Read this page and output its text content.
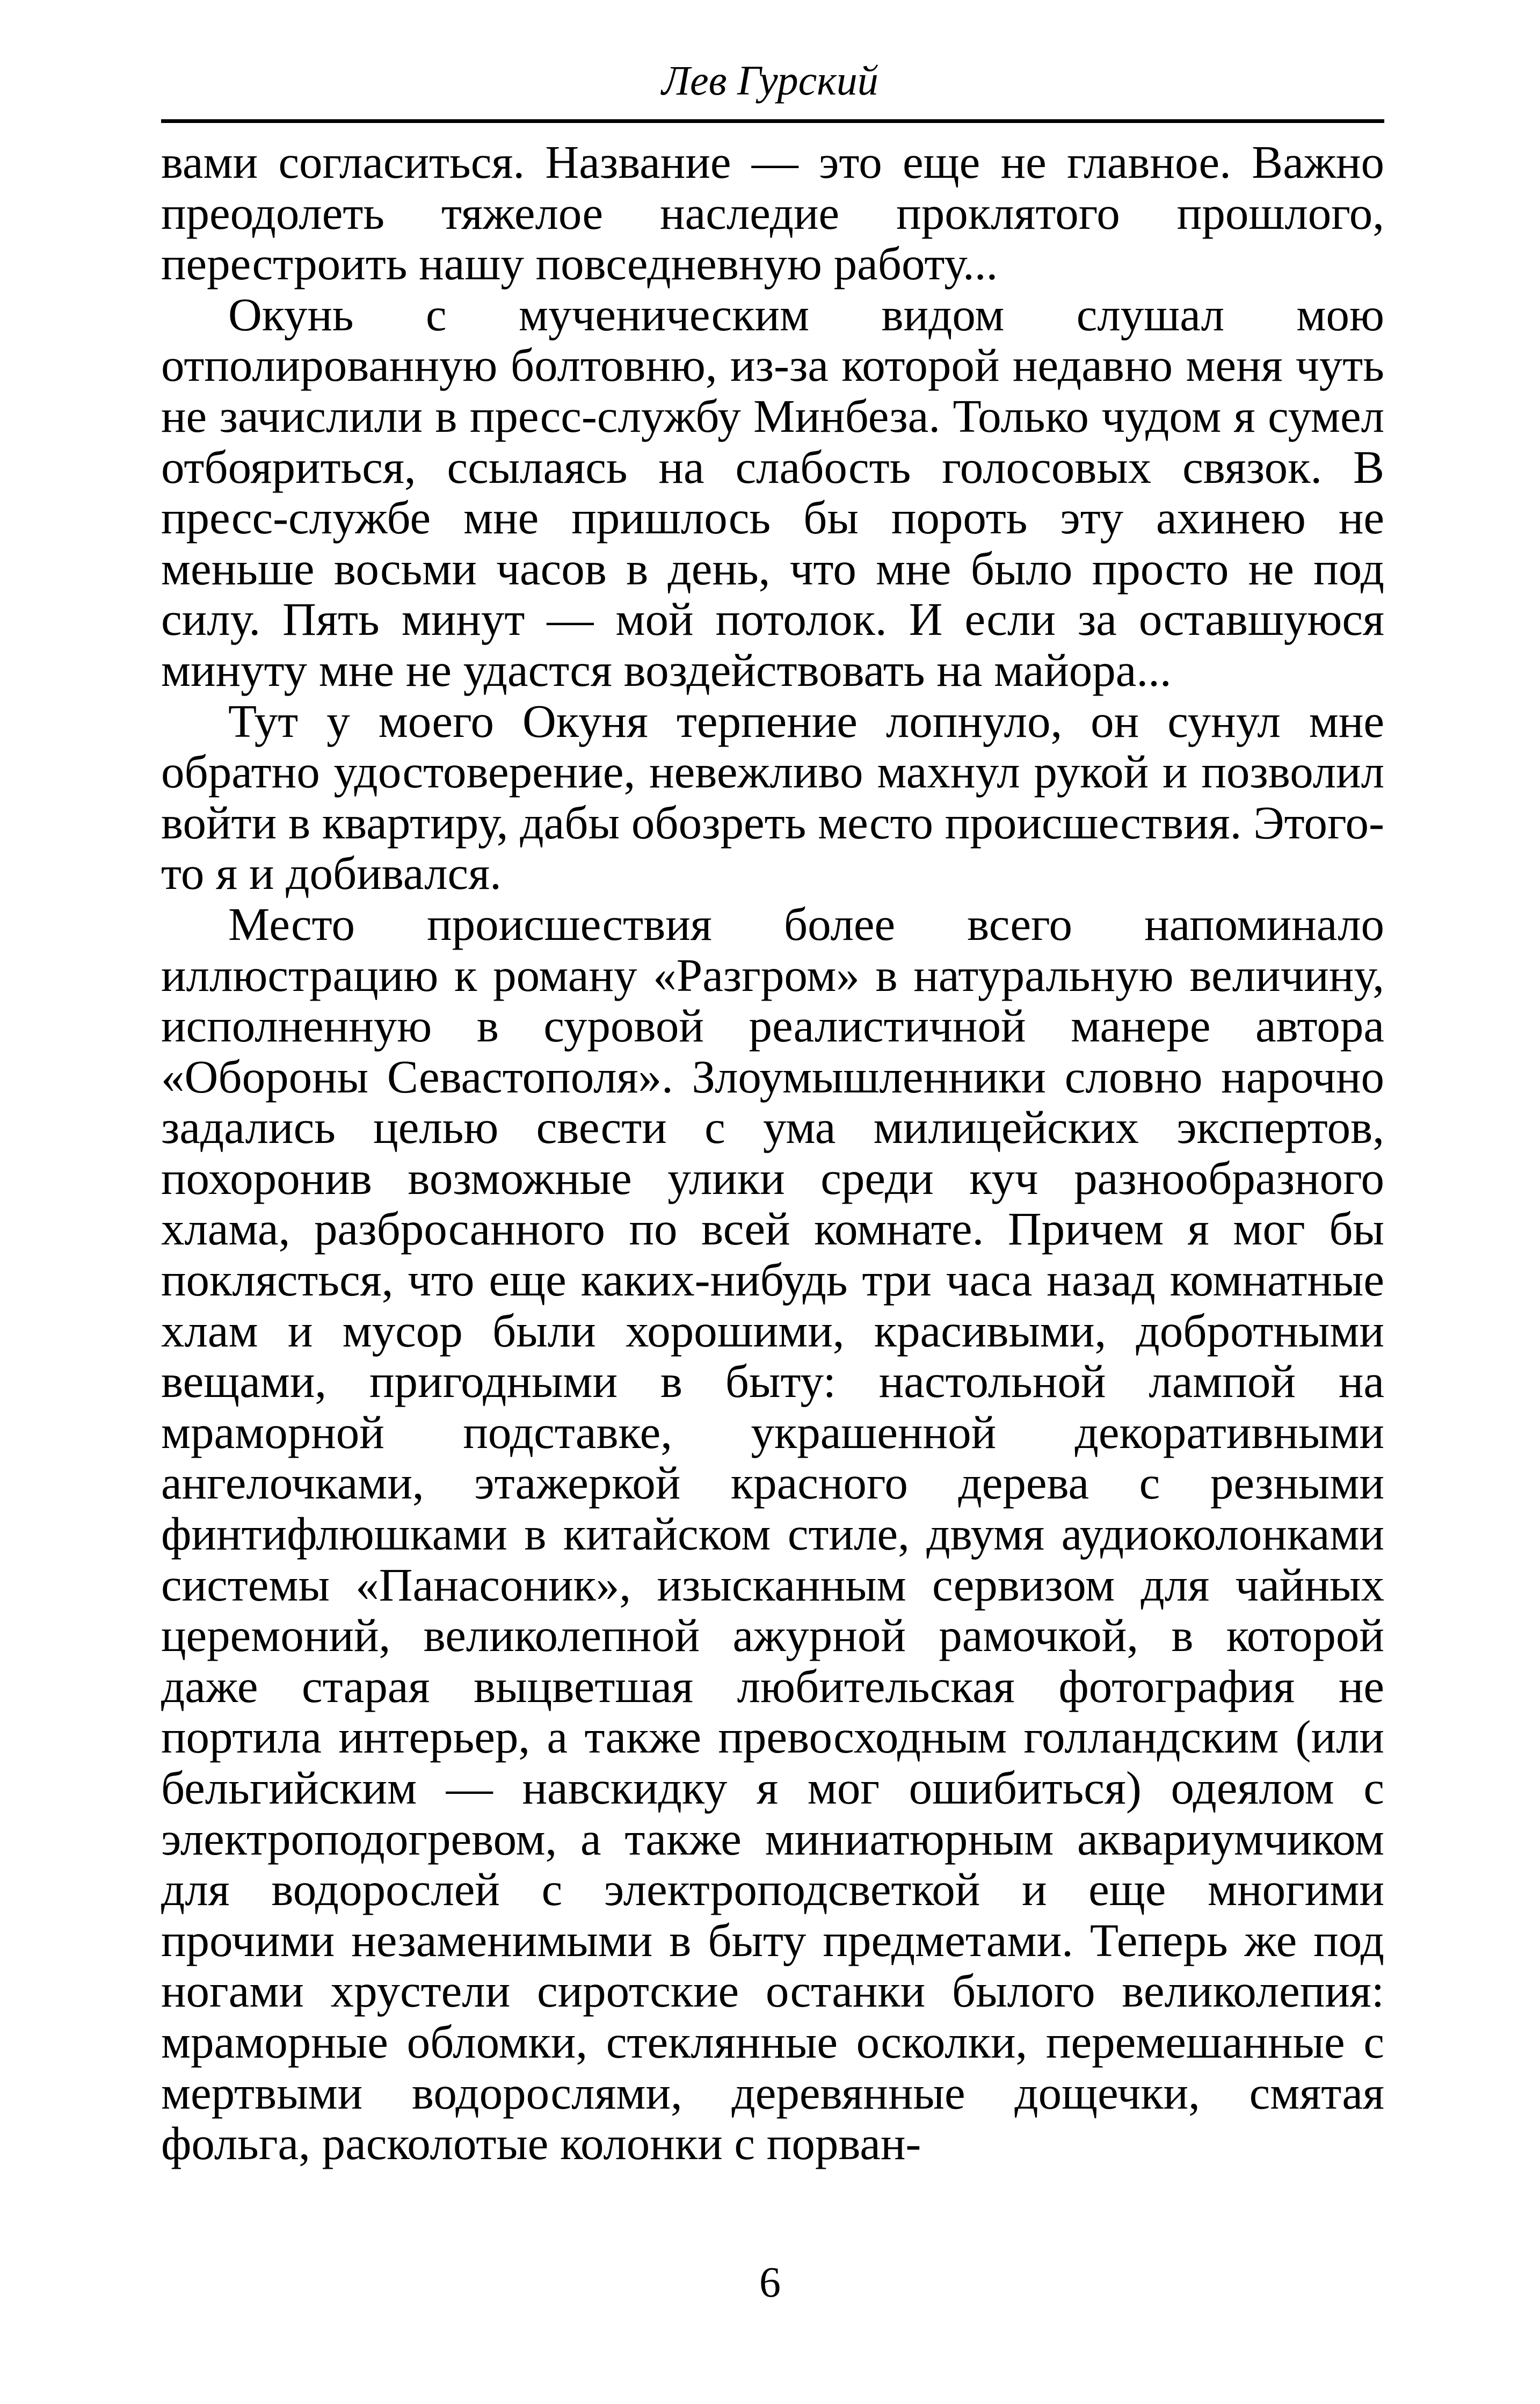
Лев Гурский

вами согласиться. Название — это еще не главное. Важно преодолеть тяжелое наследие проклятого прошлого, перестроить нашу повседневную работу...

Окунь с мученическим видом слушал мою отполированную болтовню, из-за которой недавно меня чуть не зачислили в пресс-службу Минбеза. Только чудом я сумел отбояриться, ссылаясь на слабость голосовых связок. В пресс-службе мне пришлось бы пороть эту ахинею не меньше восьми часов в день, что мне было просто не под силу. Пять минут — мой потолок. И если за оставшуюся минуту мне не удастся воздействовать на майора...

Тут у моего Окуня терпение лопнуло, он сунул мне обратно удостоверение, невежливо махнул рукой и позволил войти в квартиру, дабы обозреть место происшествия. Этого-то я и добивался.

Место происшествия более всего напоминало иллюстрацию к роману «Разгром» в натуральную величину, исполненную в суровой реалистичной манере автора «Обороны Севастополя». Злоумышленники словно нарочно задались целью свести с ума милицейских экспертов, похоронив возможные улики среди куч разнообразного хлама, разбросанного по всей комнате. Причем я мог бы поклясться, что еще каких-нибудь три часа назад комнатные хлам и мусор были хорошими, красивыми, добротными вещами, пригодными в быту: настольной лампой на мраморной подставке, украшенной декоративными ангелочками, этажеркой красного дерева с резными финтифлюшками в китайском стиле, двумя аудиоколонками системы «Панасоник», изысканным сервизом для чайных церемоний, великолепной ажурной рамочкой, в которой даже старая выцветшая любительская фотография не портила интерьер, а также превосходным голландским (или бельгийским — навскидку я мог ошибиться) одеялом с электроподогревом, а также миниатюрным аквариумчиком для водорослей с электроподсветкой и еще многими прочими незаменимыми в быту предметами. Теперь же под ногами хрустели сиротские останки былого великолепия: мраморные обломки, стеклянные осколки, перемешанные с мертвыми водорослями, деревянные дощечки, смятая фольга, расколотые колонки с порван-

6
